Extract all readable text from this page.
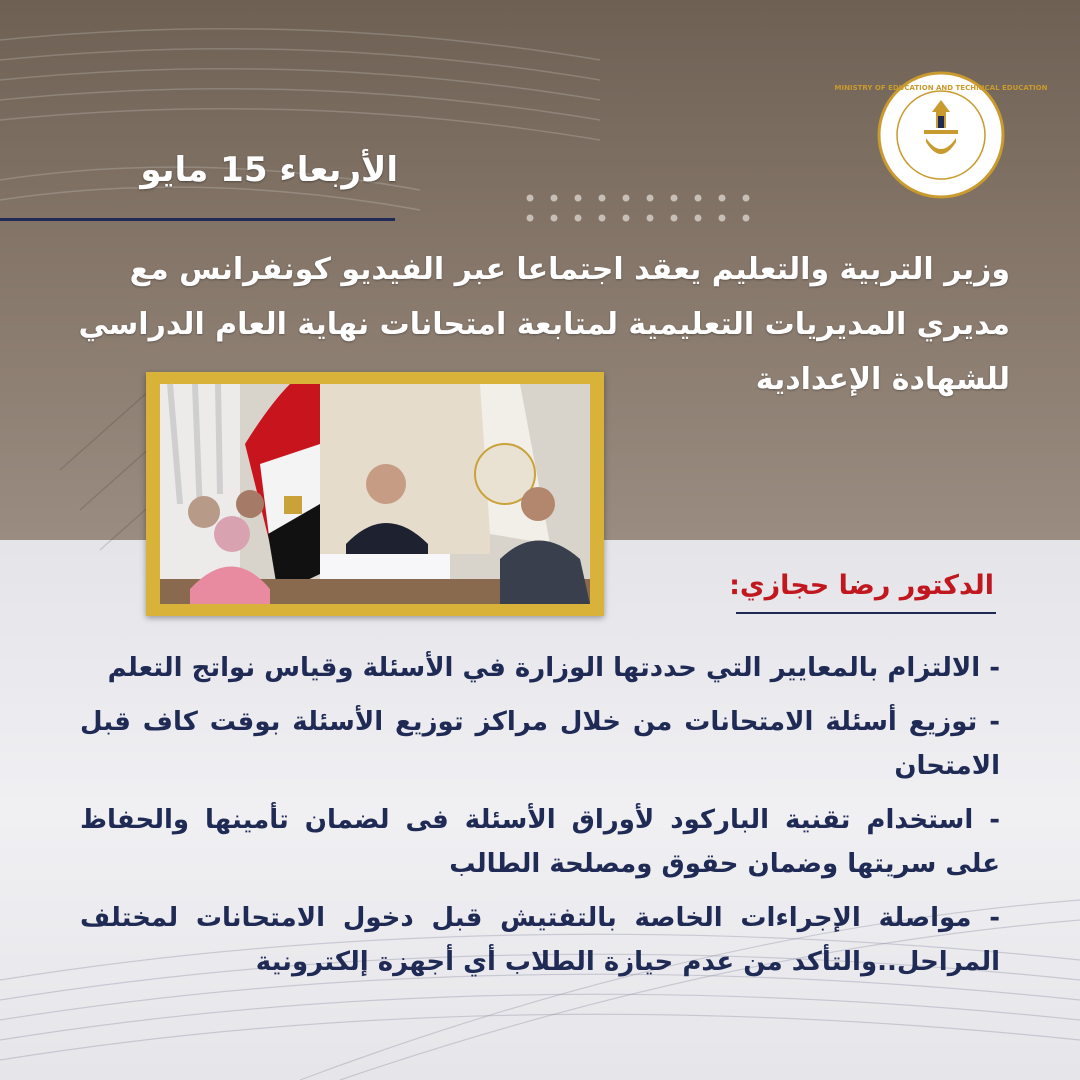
MINISTRY OF EDUCATION AND TECHNICAL EDUCATION
الأربعاء 15 مايو
وزير التربية والتعليم يعقد اجتماعا عبر الفيديو كونفرانس مع مديري المديريات التعليمية لمتابعة امتحانات نهاية العام الدراسي للشهادة الإعدادية
الدكتور رضا حجازي:
- الالتزام بالمعايير التي حددتها الوزارة في الأسئلة وقياس نواتج التعلم
- توزيع أسئلة الامتحانات من خلال مراكز توزيع الأسئلة بوقت كاف قبل الامتحان
- استخدام تقنية الباركود لأوراق الأسئلة فى لضمان تأمينها والحفاظ على سريتها وضمان حقوق ومصلحة الطالب
- مواصلة الإجراءات الخاصة بالتفتيش قبل دخول الامتحانات لمختلف المراحل..والتأكد من عدم حيازة الطلاب أي أجهزة إلكترونية
